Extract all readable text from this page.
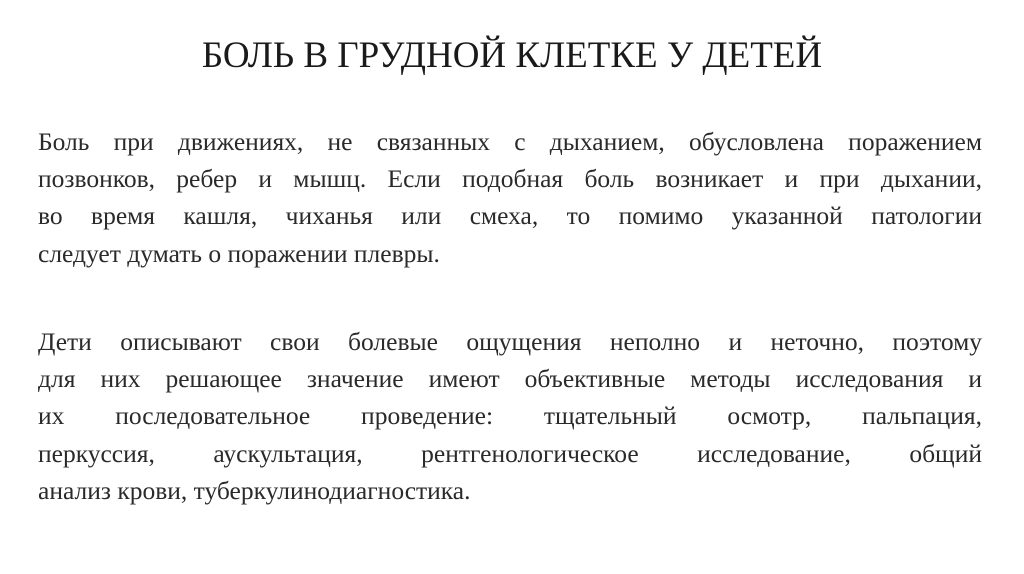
БОЛЬ В ГРУДНОЙ КЛЕТКЕ У ДЕТЕЙ
Боль при движениях, не связанных с дыханием, обусловлена поражением
позвонков, ребер и мышц. Если подобная боль возникает и при дыхании,
во время кашля, чиханья или смеха, то помимо указанной патологии
следует думать о поражении плевры.
Дети описывают свои болевые ощущения неполно и неточно, поэтому
для них решающее значение имеют объективные методы исследования и
их последовательное проведение: тщательный осмотр, пальпация,
перкуссия, аускультация, рентгенологическое исследование, общий
анализ крови, туберкулинодиагностика.
